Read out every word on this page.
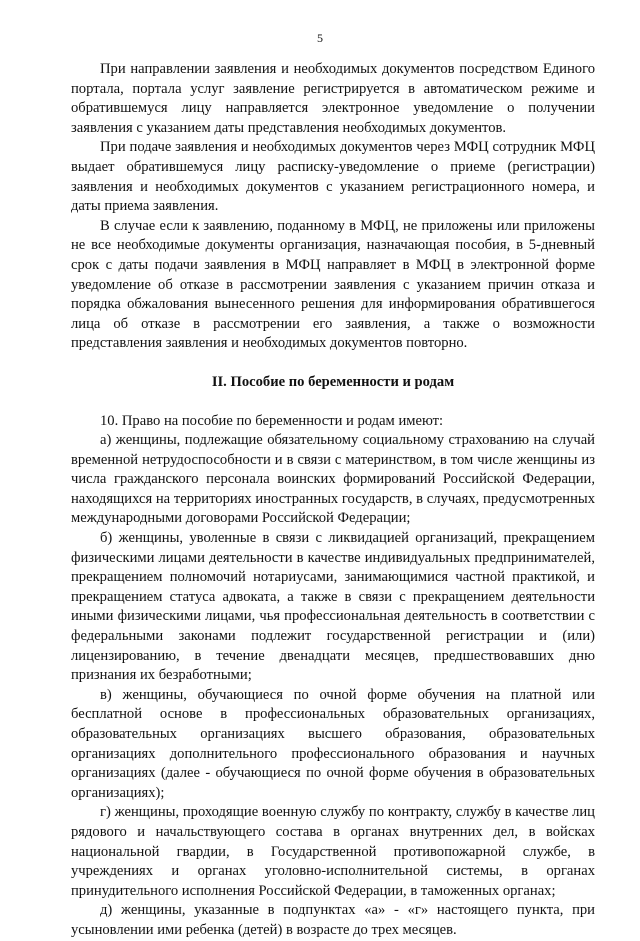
5

При направлении заявления и необходимых документов посредством Единого портала, портала услуг заявление регистрируется в автоматическом режиме и обратившемуся лицу направляется электронное уведомление о получении заявления с указанием даты представления необходимых документов.

При подаче заявления и необходимых документов через МФЦ сотрудник МФЦ выдает обратившемуся лицу расписку-уведомление о приеме (регистрации) заявления и необходимых документов с указанием регистрационного номера, и даты приема заявления.

В случае если к заявлению, поданному в МФЦ, не приложены или приложены не все необходимые документы организация, назначающая пособия, в 5-дневный срок с даты подачи заявления в МФЦ направляет в МФЦ в электронной форме уведомление об отказе в рассмотрении заявления с указанием причин отказа и порядка обжалования вынесенного решения для информирования обратившегося лица об отказе в рассмотрении его заявления, а также о возможности представления заявления и необходимых документов повторно.

II. Пособие по беременности и родам

10. Право на пособие по беременности и родам имеют:

а) женщины, подлежащие обязательному социальному страхованию на случай временной нетрудоспособности и в связи с материнством, в том числе женщины из числа гражданского персонала воинских формирований Российской Федерации, находящихся на территориях иностранных государств, в случаях, предусмотренных международными договорами Российской Федерации;

б) женщины, уволенные в связи с ликвидацией организаций, прекращением физическими лицами деятельности в качестве индивидуальных предпринимателей, прекращением полномочий нотариусами, занимающимися частной практикой, и прекращением статуса адвоката, а также в связи с прекращением деятельности иными физическими лицами, чья профессиональная деятельность в соответствии с федеральными законами подлежит государственной регистрации и (или) лицензированию, в течение двенадцати месяцев, предшествовавших дню признания их безработными;

в) женщины, обучающиеся по очной форме обучения на платной или бесплатной основе в профессиональных образовательных организациях, образовательных организациях высшего образования, образовательных организациях дополнительного профессионального образования и научных организациях (далее - обучающиеся по очной форме обучения в образовательных организациях);

г) женщины, проходящие военную службу по контракту, службу в качестве лиц рядового и начальствующего состава в органах внутренних дел, в войсках национальной гвардии, в Государственной противопожарной службе, в учреждениях и органах уголовно-исполнительной системы, в органах принудительного исполнения Российской Федерации, в таможенных органах;

д) женщины, указанные в подпунктах «а» - «г» настоящего пункта, при усыновлении ими ребенка (детей) в возрасте до трех месяцев.
